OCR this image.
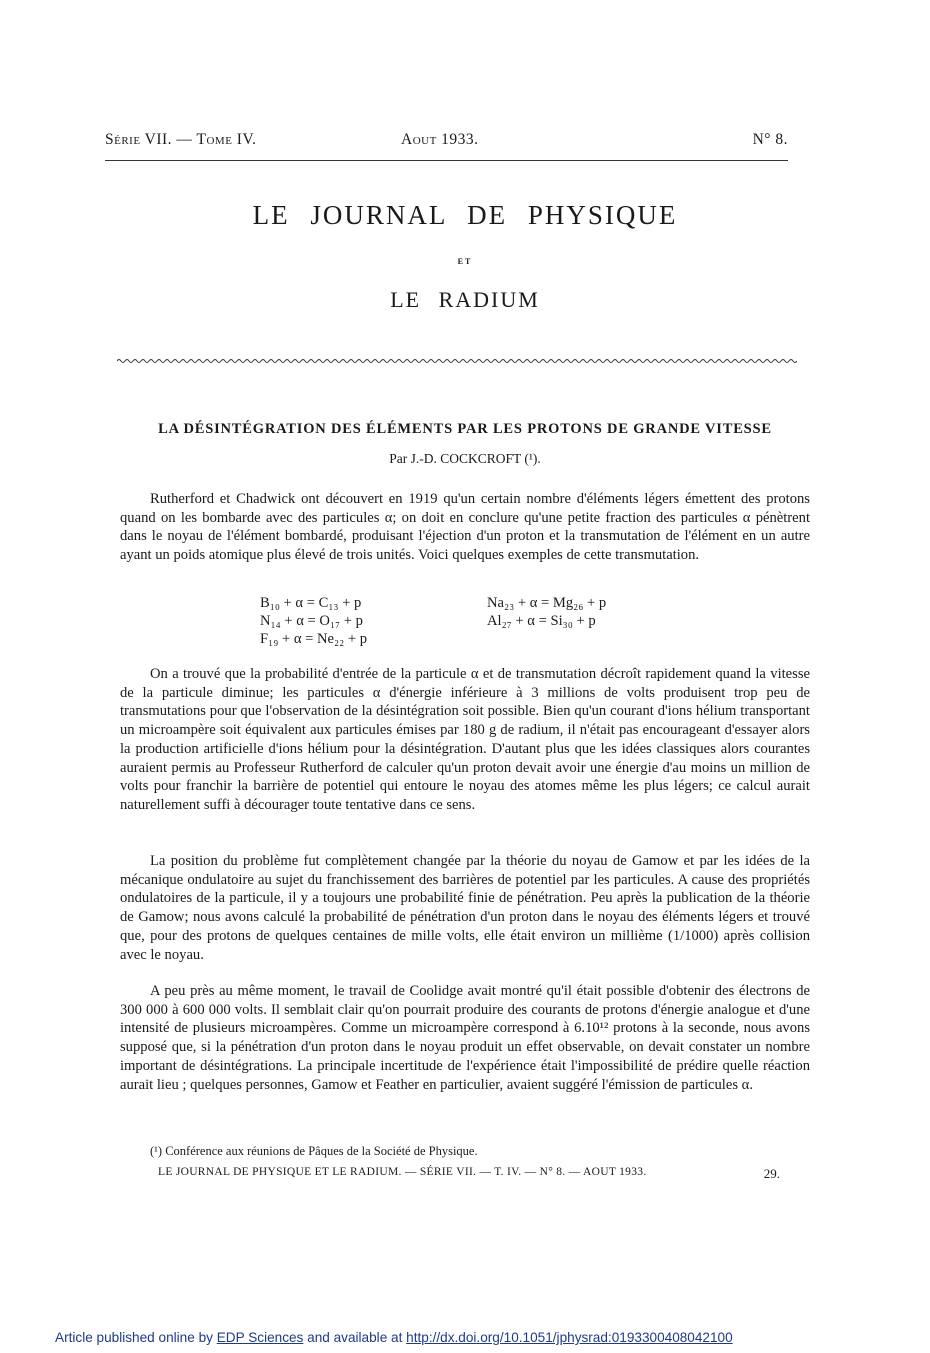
Série VII. — Tome IV.	Aout 1933.	N° 8.
LE JOURNAL DE PHYSIQUE
ET
LE RADIUM
LA DÉSINTÉGRATION DES ÉLÉMENTS PAR LES PROTONS DE GRANDE VITESSE
Par J.-D. COCKCROFT (¹).

Rutherford et Chadwick ont découvert en 1919 qu'un certain nombre d'éléments légers émettent des protons quand on les bombarde avec des particules α; on doit en conclure qu'une petite fraction des particules α pénètrent dans le noyau de l'élément bombardé, produisant l'éjection d'un proton et la transmutation de l'élément en un autre ayant un poids atomique plus élevé de trois unités. Voici quelques exemples de cette transmutation.

B₁₀ + α = C₁₃ + p
N₁₄ + α = O₁₇ + p
F₁₉ + α = Ne₂₂ + p
Na₂₃ + α = Mg₂₆ + p
Al₂₇ + α = Si₃₀ + p

On a trouvé que la probabilité d'entrée de la particule α et de transmutation décroît rapidement quand la vitesse de la particule diminue; les particules α d'énergie inférieure à 3 millions de volts produisent trop peu de transmutations pour que l'observation de la désintégration soit possible. Bien qu'un courant d'ions hélium transportant un microampère soit équivalent aux particules émises par 180 g de radium, il n'était pas encourageant d'essayer alors la production artificielle d'ions hélium pour la désintégration. D'autant plus que les idées classiques alors courantes auraient permis au Professeur Rutherford de calculer qu'un proton devait avoir une énergie d'au moins un million de volts pour franchir la barrière de potentiel qui entoure le noyau des atomes même les plus légers; ce calcul aurait naturellement suffi à décourager toute tentative dans ce sens.

La position du problème fut complètement changée par la théorie du noyau de Gamow et par les idées de la mécanique ondulatoire au sujet du franchissement des barrières de potentiel par les particules. A cause des propriétés ondulatoires de la particule, il y a toujours une probabilité finie de pénétration. Peu après la publication de la théorie de Gamow; nous avons calculé la probabilité de pénétration d'un proton dans le noyau des éléments légers et trouvé que, pour des protons de quelques centaines de mille volts, elle était environ un millième (1/1000) après collision avec le noyau.

A peu près au même moment, le travail de Coolidge avait montré qu'il était possible d'obtenir des électrons de 300 000 à 600 000 volts. Il semblait clair qu'on pourrait produire des courants de protons d'énergie analogue et d'une intensité de plusieurs microampères. Comme un microampère correspond à 6.10¹² protons à la seconde, nous avons supposé que, si la pénétration d'un proton dans le noyau produit un effet observable, on devait constater un nombre important de désintégrations. La principale incertitude de l'expérience était l'impossibilité de prédire quelle réaction aurait lieu ; quelques personnes, Gamow et Feather en particulier, avaient suggéré l'émission de particules α.

(¹) Conférence aux réunions de Pâques de la Société de Physique.
LE JOURNAL DE PHYSIQUE ET LE RADIUM. — SÉRIE VII. — T. IV. — N° 8. — AOUT 1933.	29.
Article published online by EDP Sciences and available at http://dx.doi.org/10.1051/jphysrad:0193300408042100
